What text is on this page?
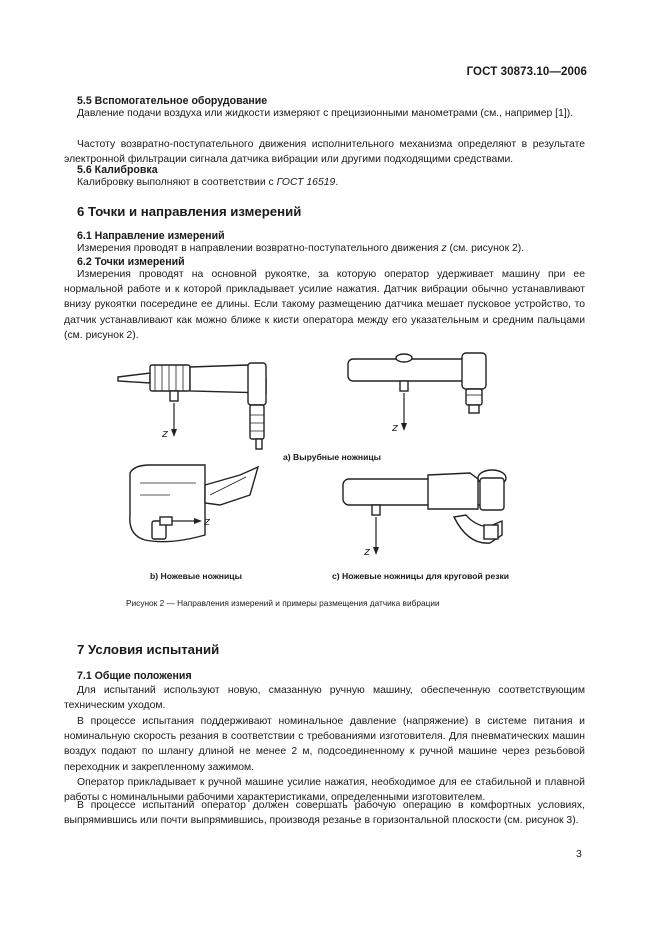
ГОСТ 30873.10—2006
5.5 Вспомогательное оборудование
Давление подачи воздуха или жидкости измеряют с прецизионными манометрами (см., например [1]).
Частоту возвратно-поступательного движения исполнительного механизма определяют в результате электронной фильтрации сигнала датчика вибрации или другими подходящими средствами.
5.6 Калибровка
Калибровку выполняют в соответствии с ГОСТ 16519.
6 Точки и направления измерений
6.1 Направление измерений
Измерения проводят в направлении возвратно-поступательного движения z (см. рисунок 2).
6.2 Точки измерений
Измерения проводят на основной рукоятке, за которую оператор удерживает машину при ее нормальной работе и к которой прикладывает усилие нажатия. Датчик вибрации обычно устанавливают внизу рукоятки посередине ее длины. Если такому размещению датчика мешает пусковое устройство, то датчик устанавливают как можно ближе к кисти оператора между его указательным и средним пальцами (см. рисунок 2).
z	z
z
z
а) Вырубные ножницы
b) Ножевые ножницы	с) Ножевые ножницы для круговой резки
Рисунок 2 — Направления измерений и примеры размещения датчика вибрации
7 Условия испытаний
7.1 Общие положения
Для испытаний используют новую, смазанную ручную машину, обеспеченную соответствующим техническим уходом.
В процессе испытания поддерживают номинальное давление (напряжение) в системе питания и номинальную скорость резания в соответствии с требованиями изготовителя. Для пневматических машин воздух подают по шлангу длиной не менее 2 м, подсоединенному к ручной машине через резьбовой переходник и закрепленному зажимом.
Оператор прикладывает к ручной машине усилие нажатия, необходимое для ее стабильной и плавной работы с номинальными рабочими характеристиками, определенными изготовителем.
В процессе испытаний оператор должен совершать рабочую операцию в комфортных условиях, выпрямившись или почти выпрямившись, производя резанье в горизонтальной плоскости (см. рисунок 3).
3
